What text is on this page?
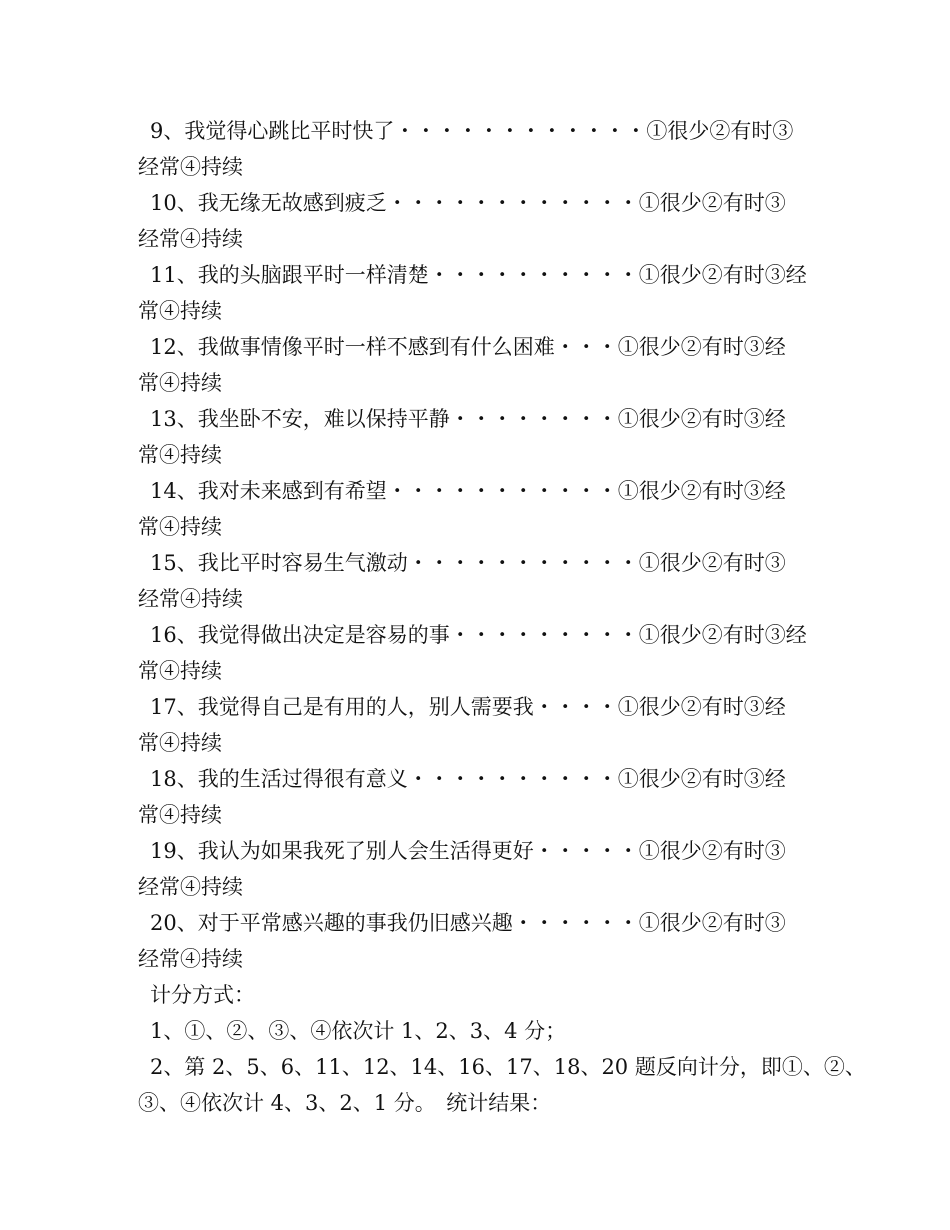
9、我觉得心跳比平时快了・・・・・・・・・・・・①很少②有时③

经常④持续

10、我无缘无故感到疲乏・・・・・・・・・・・・①很少②有时③

经常④持续

11、我的头脑跟平时一样清楚・・・・・・・・・・①很少②有时③经

常④持续

12、我做事情像平时一样不感到有什么困难・・・①很少②有时③经

常④持续

13、我坐卧不安，难以保持平静・・・・・・・・①很少②有时③经

常④持续

14、我对未来感到有希望・・・・・・・・・・・①很少②有时③经

常④持续

15、我比平时容易生气激动・・・・・・・・・・・①很少②有时③

经常④持续

16、我觉得做出决定是容易的事・・・・・・・・・①很少②有时③经

常④持续

17、我觉得自己是有用的人，别人需要我・・・・①很少②有时③经

常④持续

18、我的生活过得很有意义・・・・・・・・・・①很少②有时③经

常④持续

19、我认为如果我死了别人会生活得更好・・・・・①很少②有时③

经常④持续

20、对于平常感兴趣的事我仍旧感兴趣・・・・・・①很少②有时③

经常④持续

计分方式：

1、①、②、③、④依次计 1、2、3、4 分；

2、第 2、5、6、11、12、14、16、17、18、20 题反向计分，即①、②、

③、④依次计 4、3、2、1 分。　统计结果：
